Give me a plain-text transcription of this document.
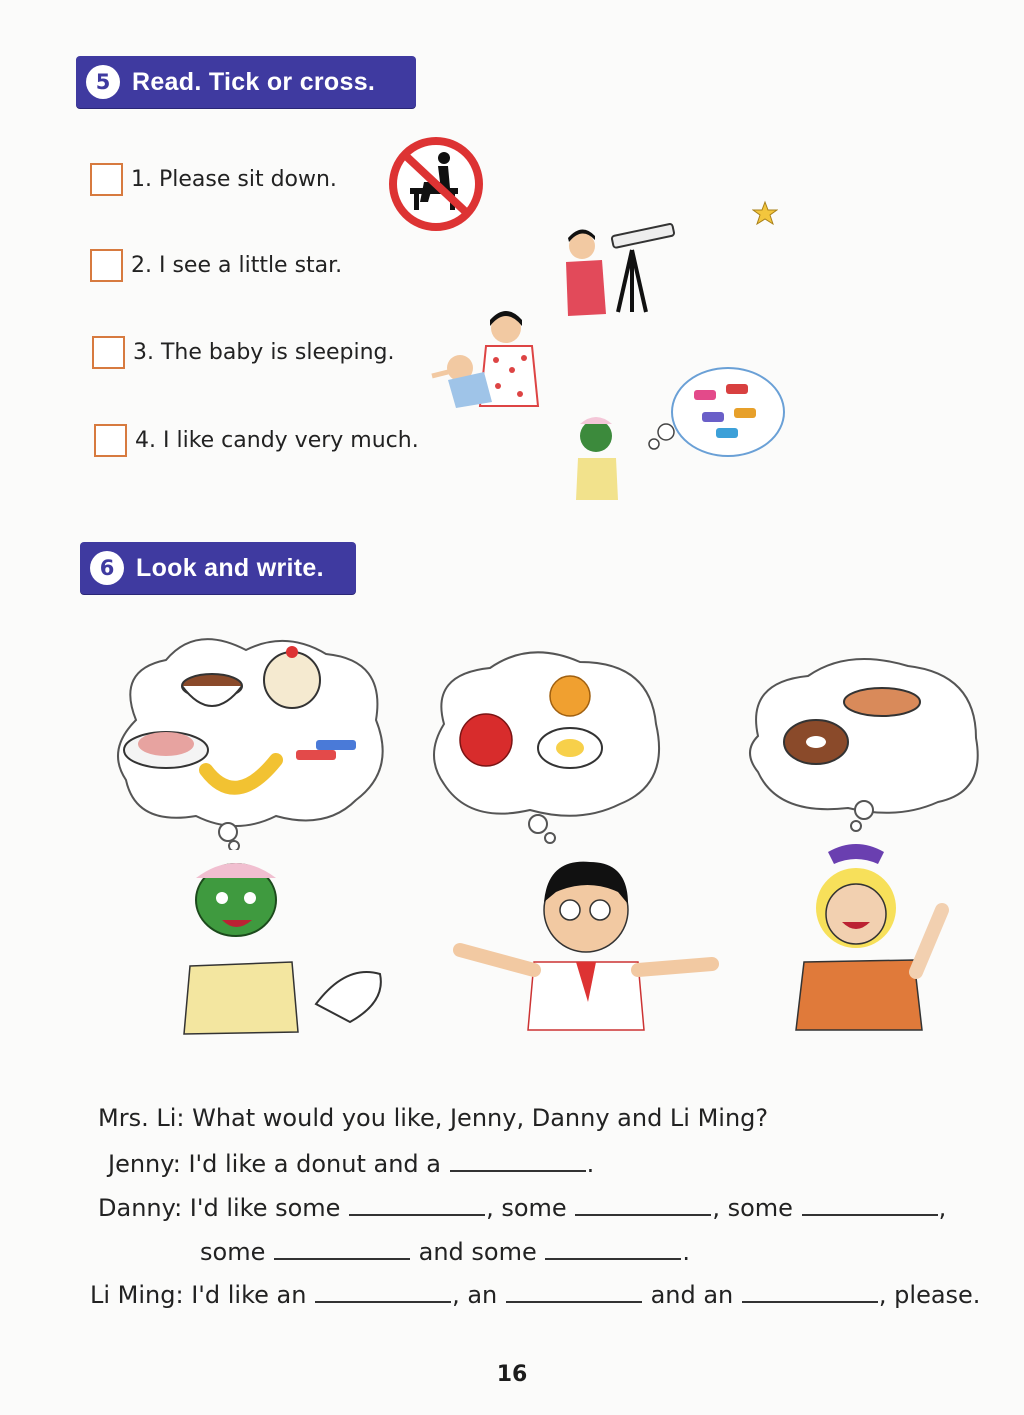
5 Read. Tick or cross.
1. Please sit down.
2. I see a little star.
3. The baby is sleeping.
4. I like candy very much.
6 Look and write.
Mrs. Li: What would you like, Jenny, Danny and Li Ming?
Jenny: I'd like a donut and a	.
Danny: I'd like some	, some	, some	,
some	and some	.
Li Ming: I'd like an	, an	and an	, please.
16
